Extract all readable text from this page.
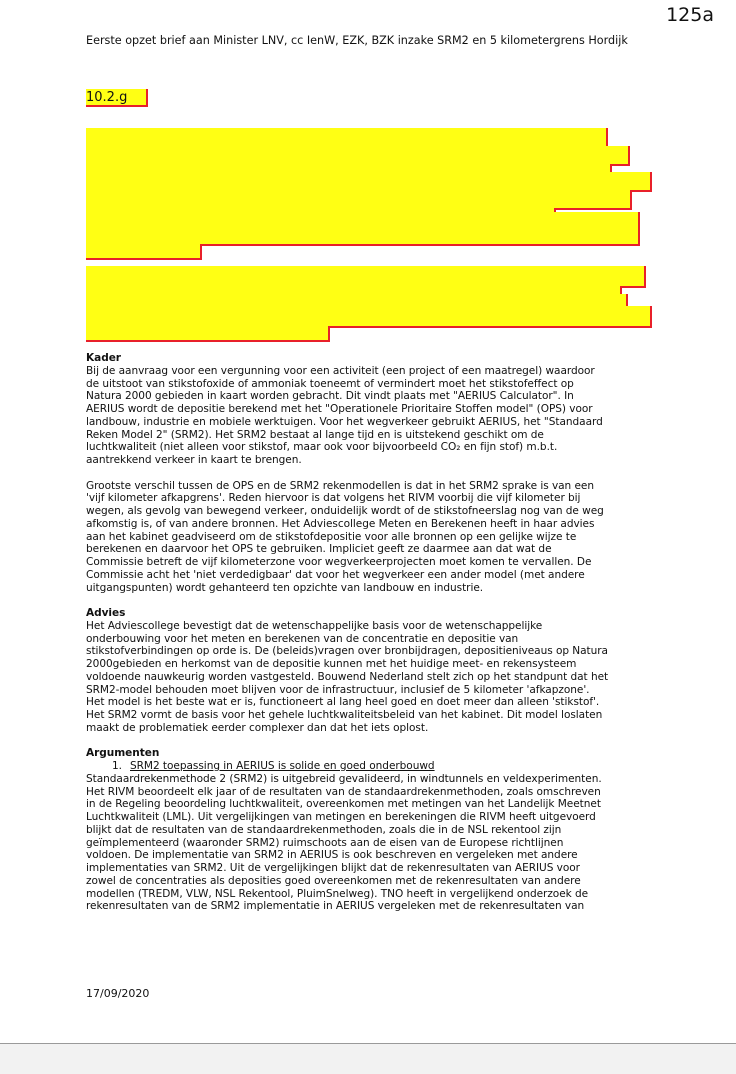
125a
Eerste opzet brief aan Minister LNV, cc IenW, EZK, BZK inzake SRM2 en 5 kilometergrens Hordijk
10.2.g
Kader
Bij de aanvraag voor een vergunning voor een activiteit (een project of een maatregel) waardoor
de uitstoot van stikstofoxide of ammoniak toeneemt of vermindert moet het stikstofeffect op
Natura 2000 gebieden in kaart worden gebracht. Dit vindt plaats met "AERIUS Calculator". In
AERIUS wordt de depositie berekend met het "Operationele Prioritaire Stoffen model" (OPS) voor
landbouw, industrie en mobiele werktuigen. Voor het wegverkeer gebruikt AERIUS, het "Standaard
Reken Model 2" (SRM2). Het SRM2 bestaat al lange tijd en is uitstekend geschikt om de
luchtkwaliteit (niet alleen voor stikstof, maar ook voor bijvoorbeeld CO₂ en fijn stof) m.b.t.
aantrekkend verkeer in kaart te brengen.
Grootste verschil tussen de OPS en de SRM2 rekenmodellen is dat in het SRM2 sprake is van een
'vijf kilometer afkapgrens'. Reden hiervoor is dat volgens het RIVM voorbij die vijf kilometer bij
wegen, als gevolg van bewegend verkeer, onduidelijk wordt of de stikstofneerslag nog van de weg
afkomstig is, of van andere bronnen. Het Adviescollege Meten en Berekenen heeft in haar advies
aan het kabinet geadviseerd om de stikstofdepositie voor alle bronnen op een gelijke wijze te
berekenen en daarvoor het OPS te gebruiken. Impliciet geeft ze daarmee aan dat wat de
Commissie betreft de vijf kilometerzone voor wegverkeerprojecten moet komen te vervallen. De
Commissie acht het 'niet verdedigbaar' dat voor het wegverkeer een ander model (met andere
uitgangspunten) wordt gehanteerd ten opzichte van landbouw en industrie.
Advies
Het Adviescollege bevestigt dat de wetenschappelijke basis voor de wetenschappelijke
onderbouwing voor het meten en berekenen van de concentratie en depositie van
stikstofverbindingen op orde is. De (beleids)vragen over bronbijdragen, depositieniveaus op Natura
2000gebieden en herkomst van de depositie kunnen met het huidige meet- en rekensysteem
voldoende nauwkeurig worden vastgesteld. Bouwend Nederland stelt zich op het standpunt dat het
SRM2-model behouden moet blijven voor de infrastructuur, inclusief de 5 kilometer 'afkapzone'.
Het model is het beste wat er is, functioneert al lang heel goed en doet meer dan alleen 'stikstof'.
Het SRM2 vormt de basis voor het gehele luchtkwaliteitsbeleid van het kabinet. Dit model loslaten
maakt de problematiek eerder complexer dan dat het iets oplost.
Argumenten
1. SRM2 toepassing in AERIUS is solide en goed onderbouwd
Standaardrekenmethode 2 (SRM2) is uitgebreid gevalideerd, in windtunnels en veldexperimenten.
Het RIVM beoordeelt elk jaar of de resultaten van de standaardrekenmethoden, zoals omschreven
in de Regeling beoordeling luchtkwaliteit, overeenkomen met metingen van het Landelijk Meetnet
Luchtkwaliteit (LML). Uit vergelijkingen van metingen en berekeningen die RIVM heeft uitgevoerd
blijkt dat de resultaten van de standaardrekenmethoden, zoals die in de NSL rekentool zijn
geïmplementeerd (waaronder SRM2) ruimschoots aan de eisen van de Europese richtlijnen
voldoen. De implementatie van SRM2 in AERIUS is ook beschreven en vergeleken met andere
implementaties van SRM2. Uit de vergelijkingen blijkt dat de rekenresultaten van AERIUS voor
zowel de concentraties als deposities goed overeenkomen met de rekenresultaten van andere
modellen (TREDM, VLW, NSL Rekentool, PluimSnelweg). TNO heeft in vergelijkend onderzoek de
rekenresultaten van de SRM2 implementatie in AERIUS vergeleken met de rekenresultaten van
17/09/2020
